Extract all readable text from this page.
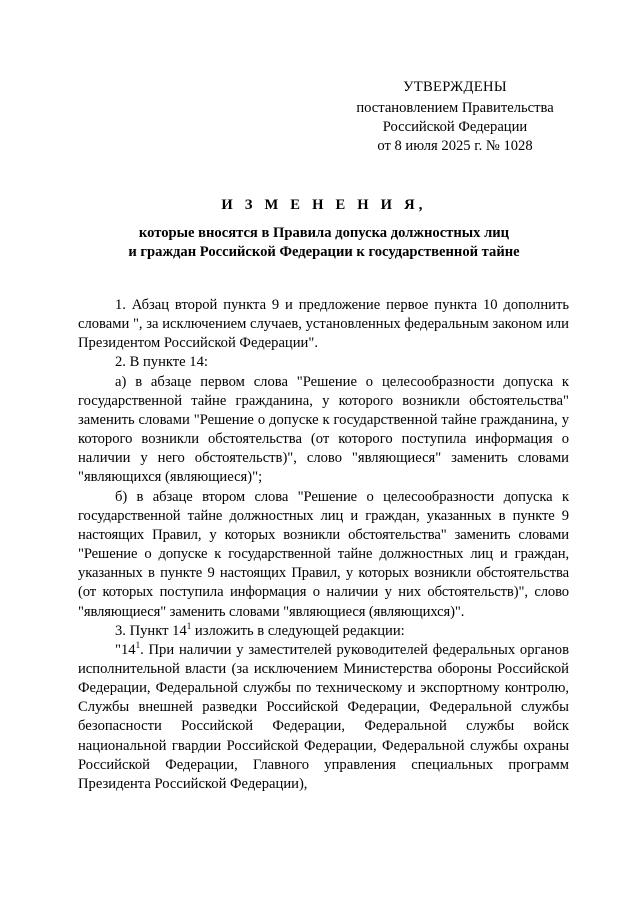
УТВЕРЖДЕНЫ
постановлением Правительства
Российской Федерации
от 8 июля 2025 г. № 1028
И З М Е Н Е Н И Я,
которые вносятся в Правила допуска должностных лиц
и граждан Российской Федерации к государственной тайне

1. Абзац второй пункта 9 и предложение первое пункта 10 дополнить словами ", за исключением случаев, установленных федеральным законом или Президентом Российской Федерации".

2. В пункте 14:

а) в абзаце первом слова "Решение о целесообразности допуска к государственной тайне гражданина, у которого возникли обстоятельства" заменить словами "Решение о допуске к государственной тайне гражданина, у которого возникли обстоятельства (от которого поступила информация о наличии у него обстоятельств)", слово "являющиеся" заменить словами "являющихся (являющиеся)";

б) в абзаце втором слова "Решение о целесообразности допуска к государственной тайне должностных лиц и граждан, указанных в пункте 9 настоящих Правил, у которых возникли обстоятельства" заменить словами "Решение о допуске к государственной тайне должностных лиц и граждан, указанных в пункте 9 настоящих Правил, у которых возникли обстоятельства (от которых поступила информация о наличии у них обстоятельств)", слово "являющиеся" заменить словами "являющиеся (являющихся)".

3. Пункт $14^1$ изложить в следующей редакции:

"$14^1$. При наличии у заместителей руководителей федеральных органов исполнительной власти (за исключением Министерства обороны Российской Федерации, Федеральной службы по техническому и экспортному контролю, Службы внешней разведки Российской Федерации, Федеральной службы безопасности Российской Федерации, Федеральной службы войск национальной гвардии Российской Федерации, Федеральной службы охраны Российской Федерации, Главного управления специальных программ Президента Российской Федерации),
